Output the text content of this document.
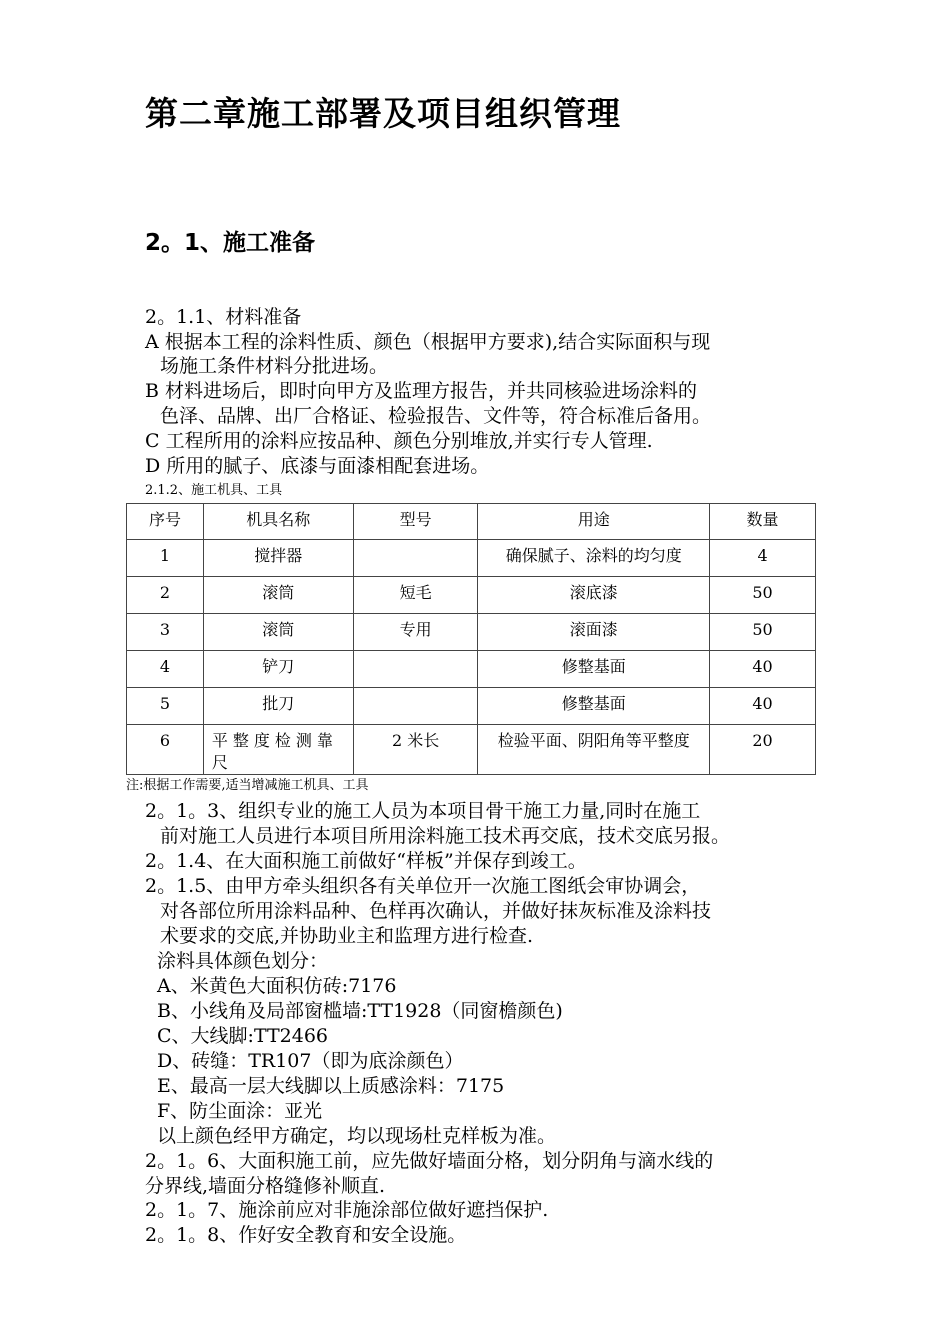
第二章施工部署及项目组织管理
2。1、施工准备
2。1.1、材料准备
A 根据本工程的涂料性质、颜色（根据甲方要求),结合实际面积与现
场施工条件材料分批进场。
B 材料进场后，即时向甲方及监理方报告，并共同核验进场涂料的
色泽、品牌、出厂合格证、检验报告、文件等，符合标准后备用。
C 工程所用的涂料应按品种、颜色分别堆放,并实行专人管理.
D 所用的腻子、底漆与面漆相配套进场。
2.1.2、施工机具、工具
序号	机具名称	型号	用途	数量
1	搅拌器		确保腻子、涂料的均匀度	4
2	滚筒	短毛	滚底漆	50
3	滚筒	专用	滚面漆	50
4	铲刀		修整基面	40
5	批刀		修整基面	40
6	平整度检测靠尺	2 米长	检验平面、阴阳角等平整度	20
注:根据工作需要,适当增减施工机具、工具
2。1。3、组织专业的施工人员为本项目骨干施工力量,同时在施工
前对施工人员进行本项目所用涂料施工技术再交底，技术交底另报。
2。1.4、在大面积施工前做好“样板”并保存到竣工。
2。1.5、由甲方牵头组织各有关单位开一次施工图纸会审协调会，
对各部位所用涂料品种、色样再次确认，并做好抹灰标准及涂料技
术要求的交底,并协助业主和监理方进行检查.
涂料具体颜色划分：
A、米黄色大面积仿砖:7176
B、小线角及局部窗槛墙:TT1928（同窗檐颜色)
C、大线脚:TT2466
D、砖缝：TR107（即为底涂颜色）
E、最高一层大线脚以上质感涂料：7175
F、防尘面涂：亚光
以上颜色经甲方确定，均以现场杜克样板为准。
2。1。6、大面积施工前，应先做好墙面分格，划分阴角与滴水线的
分界线,墙面分格缝修补顺直.
2。1。7、施涂前应对非施涂部位做好遮挡保护.
2。1。8、作好安全教育和安全设施。
